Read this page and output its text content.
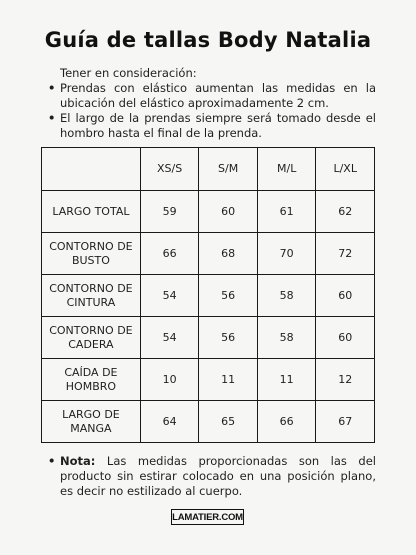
Guía de tallas Body Natalia
Tener en consideración:
• Prendas con elástico aumentan las medidas en la ubicación del elástico aproximadamente 2 cm.
• El largo de la prendas siempre será tomado desde el hombro hasta el final de la prenda.
	XS/S	S/M	M/L	L/XL
LARGO TOTAL	59	60	61	62
CONTORNO DE BUSTO	66	68	70	72
CONTORNO DE CINTURA	54	56	58	60
CONTORNO DE CADERA	54	56	58	60
CAÍDA DE HOMBRO	10	11	11	12
LARGO DE MANGA	64	65	66	67
• Nota: Las medidas proporcionadas son las del producto sin estirar colocado en una posición plano, es decir no estilizado al cuerpo.
LAMATIER.COM
